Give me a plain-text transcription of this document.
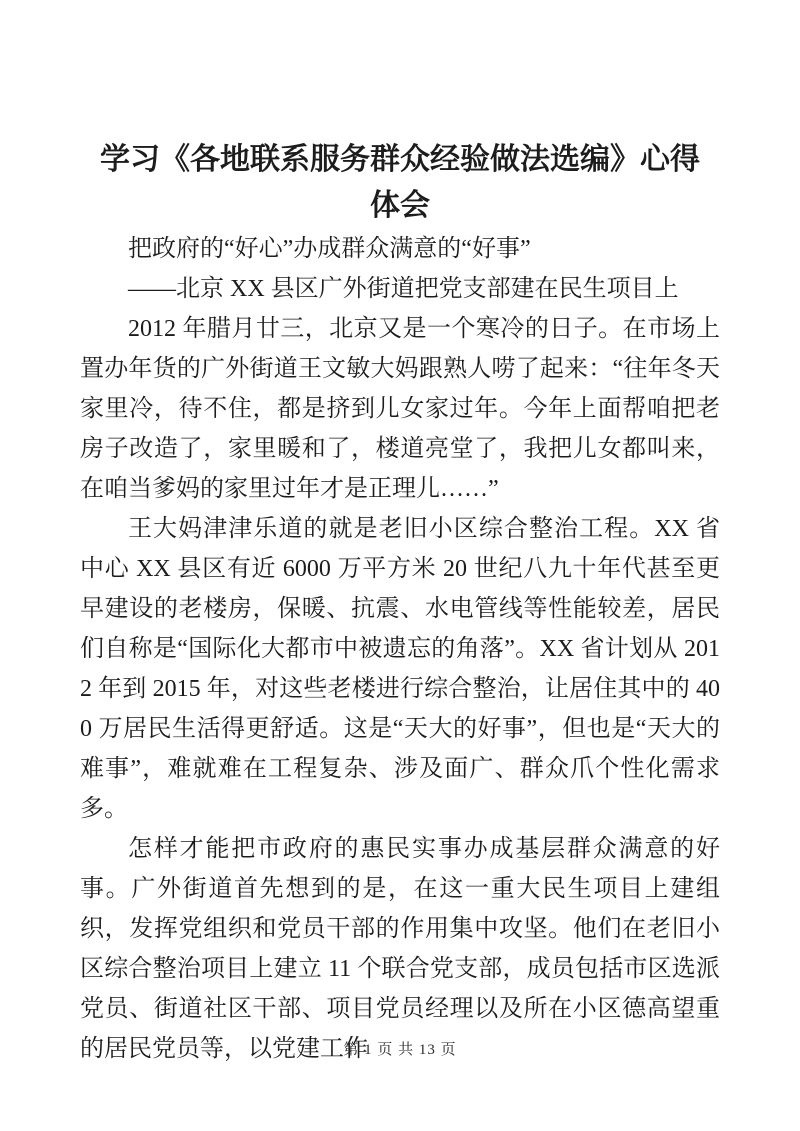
学习《各地联系服务群众经验做法选编》心得体会

把政府的“好心”办成群众满意的“好事”

——北京 XX 县区广外街道把党支部建在民生项目上

2012 年腊月廿三，北京又是一个寒冷的日子。在市场上置办年货的广外街道王文敏大妈跟熟人唠了起来：“往年冬天家里冷，待不住，都是挤到儿女家过年。今年上面帮咱把老房子改造了，家里暖和了，楼道亮堂了，我把儿女都叫来，在咱当爹妈的家里过年才是正理儿……”

王大妈津津乐道的就是老旧小区综合整治工程。XX 省中心 XX 县区有近 6000 万平方米 20 世纪八九十年代甚至更早建设的老楼房，保暖、抗震、水电管线等性能较差，居民们自称是“国际化大都市中被遗忘的角落”。XX 省计划从 2012 年到 2015 年，对这些老楼进行综合整治，让居住其中的 400 万居民生活得更舒适。这是“天大的好事”，但也是“天大的难事”，难就难在工程复杂、涉及面广、群众爪个性化需求多。

怎样才能把市政府的惠民实事办成基层群众满意的好事。广外街道首先想到的是，在这一重大民生项目上建组织，发挥党组织和党员干部的作用集中攻坚。他们在老旧小区综合整治项目上建立 11 个联合党支部，成员包括市区选派党员、街道社区干部、项目党员经理以及所在小区德高望重的居民党员等，以党建工作

第 1 页 共 13 页
